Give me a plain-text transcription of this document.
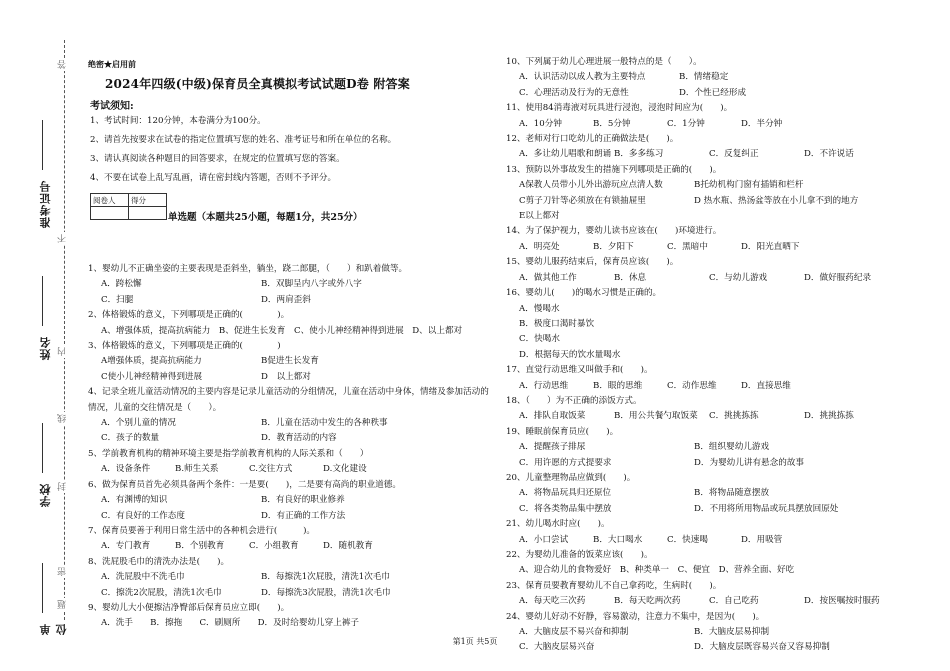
准考证号
姓名
学校
单位
答
不
内
线
封
密
题
绝密★启用前
2024年四级(中级)保育员全真模拟考试试题D卷 附答案
考试须知:
1、考试时间：120分钟，本卷满分为100分。
2、请首先按要求在试卷的指定位置填写您的姓名、准考证号和所在单位的名称。
3、请认真阅读各种题目的回答要求，在规定的位置填写您的答案。
4、不要在试卷上乱写乱画，请在密封线内答题，否则不予评分。
阅卷人	得分

单选题（本题共25小题，每题1分，共25分）
1、婴幼儿不正确坐姿的主要表现是歪斜坐，躺坐，跷二郎腿，（　　）和趴着做等。
A．跨松懈	B．双脚呈内八字或外八字
C．扫腿	D．两肩歪斜
2、体格锻炼的意义，下列哪项是正确的(　　　　)。
A、增强体质，提高抗病能力　B、促进生长发育　C、使小儿神经精神得到进展　D、以上都对
3、体格锻炼的意义，下列哪项是正确的(　　　　)
A增强体质，提高抗病能力	B促进生长发育
C使小儿神经精神得到进展	D　以上都对
4、记录全班儿童活动情况的主要内容是记录儿童活动的分组情况，儿童在活动中身体，情绪及参加活动的情况，儿童的交往情况是（　　）。
A．个别儿童的情况	B．儿童在活动中发生的各种秩事
C．孩子的数量	D．教育活动的内容
5、学前教育机构的精神环境主要是指学前教育机构的人际关系和（　　）
A．设备条件	B.师生关系	C.交往方式	D.文化建设
6、做为保育员首先必须具备两个条件：一是要(　　)，二是要有高尚的职业道德。
A．有渊博的知识	B．有良好的职业修养
C．有良好的工作态度	D．有正确的工作方法
7、保育员要善于利用日常生活中的各种机会进行(　　　)。
A．专门教育	B．个别教育	C．小组教育	D．随机教育
8、洗屁股毛巾的清洗办法是(　　)。
A．洗屁股中不洗毛巾	B．每擦洗1次屁股，清洗1次毛巾
C．擦洗2次屁股，清洗1次毛巾	D．每擦洗3次屁股，清洗1次毛巾
9、婴幼儿大小便擦洁净臀部后保育员应立即(　　)。
A．洗手　　B．擦拖　　C．刷厕所　　D．及时给婴幼儿穿上裤子
10、下列属于幼儿心理进展一般特点的是（　　）。
A．认识活动以成人教为主要特点	B．情绪稳定
C．心理活动及行为的无意性	D．个性已经形成
11、使用84消毒液对玩具进行浸泡，浸泡时间应为(　　)。
A．10分钟	B．5分钟	C．1分钟	D．半分钟
12、老师对行口吃幼儿的正确做法是(　　)。
A．多让幼儿唱歌和朗诵 B．多多练习	C．反复纠正	D．不许说话
13、预防以外事故发生的措施下列哪项是正确的(　　)。
A保教人员带小儿外出游玩应点清人数	B托幼机构门窗有插销和栏杆
C剪子刀针等必须放在有锁抽屉里	D 热水瓶、热汤盆等放在小儿拿不到的地方
E以上都对
14、为了保护视力，婴幼儿读书应该在(　　)环境进行。
A．明亮处	B．夕阳下	C．黑暗中	D．阳光直晒下
15、婴幼儿服药结束后，保育员应该(　　)。
A．做其他工作	B．休息	C．与幼儿游戏	D．做好服药纪录
16、婴幼儿(　　)的喝水习惯是正确的。
A．慢喝水
B．极度口渴时暴饮
C．快喝水
D．根据每天的饮水量喝水
17、直觉行动思维又叫做手和(　　)。
A．行动思维	B．眼的思维	C．动作思维	D．直接思维
18、（　　）为不正确的添饭方式。
A．排队自取饭菜	B．用公共餐勺取饭菜 C．挑挑拣拣	D．挑挑拣拣
19、睡眠前保育员应(　　)。
A．提醒孩子排尿	B．组织婴幼儿游戏
C．用许愿的方式提要求	D．为婴幼儿讲有悬念的故事
20、儿童整理物品应做到(　　)。
A．将物品玩具归还原位	B．将物品随意摆放
C．将各类物品集中摆放	D．不用将所用物品或玩具摆放回原处
21、幼儿喝水时应(　　)。
A．小口尝试	B．大口喝水	C．快速喝	D．用吸管
22、为婴幼儿准备的饭菜应该(　　)。
A、迎合幼儿的食物爱好　B、种类单一　C、便宜　D、营养全面、好吃
23、保育员要教育婴幼儿不自己拿药吃，生病时(　　)。
A．每天吃三次药	B．每天吃两次药	C．自己吃药	D．按医嘱按时服药
24、婴幼儿好动不好静，容易激动，注意力不集中，是因为(　　)。
A．大脑皮层不易兴奋和抑制	B．大脑皮层易抑制
C．大脑皮层易兴奋	D．大脑皮层既容易兴奋又容易抑制
第1页 共5页
